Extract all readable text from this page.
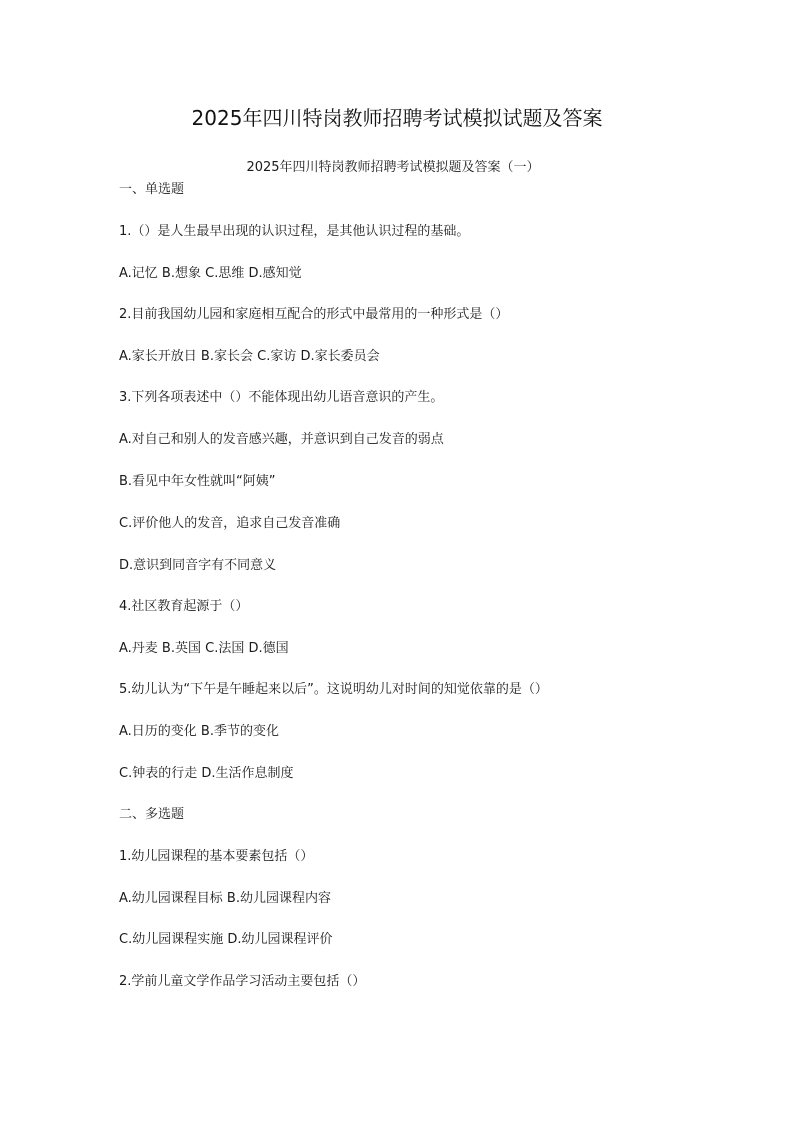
2025年四川特岗教师招聘考试模拟试题及答案
2025年四川特岗教师招聘考试模拟题及答案（一）
一、单选题
1.（）是人生最早出现的认识过程，是其他认识过程的基础。
A.记忆 B.想象 C.思维 D.感知觉
2.目前我国幼儿园和家庭相互配合的形式中最常用的一种形式是（）
A.家长开放日 B.家长会 C.家访 D.家长委员会
3.下列各项表述中（）不能体现出幼儿语音意识的产生。
A.对自己和别人的发音感兴趣，并意识到自己发音的弱点
B.看见中年女性就叫“阿姨”
C.评价他人的发音，追求自己发音准确
D.意识到同音字有不同意义
4.社区教育起源于（）
A.丹麦 B.英国 C.法国 D.德国
5.幼儿认为“下午是午睡起来以后”。这说明幼儿对时间的知觉依靠的是（）
A.日历的变化 B.季节的变化
C.钟表的行走 D.生活作息制度
二、多选题
1.幼儿园课程的基本要素包括（）
A.幼儿园课程目标 B.幼儿园课程内容
C.幼儿园课程实施 D.幼儿园课程评价
2.学前儿童文学作品学习活动主要包括（）
